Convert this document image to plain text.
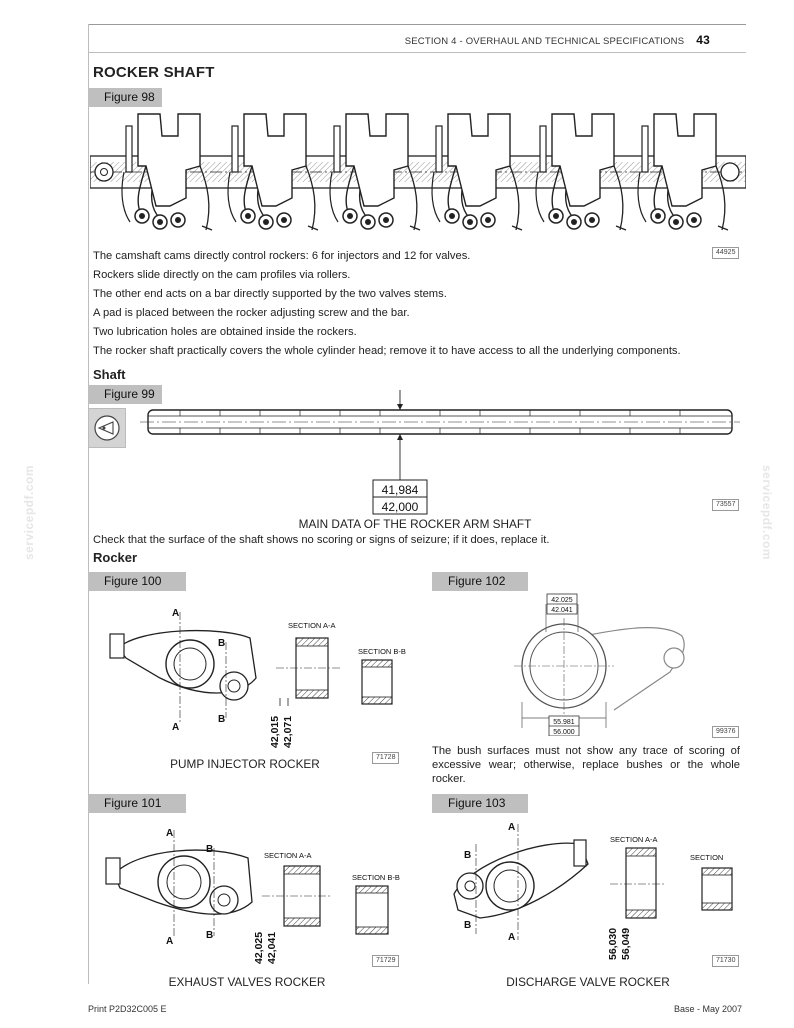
SECTION 4 - OVERHAUL AND TECHNICAL SPECIFICATIONS 43
ROCKER SHAFT
Figure 98
44925
The camshaft cams directly control rockers: 6 for injectors and 12 for valves.
Rockers slide directly on the cam profiles via rollers.
The other end acts on a bar directly supported by the two valves stems.
A pad is placed between the rocker adjusting screw and the bar.
Two lubrication holes are obtained inside the rockers.
The rocker shaft practically covers the whole cylinder head; remove it to have access to all the underlying components.
Shaft
Figure 99
41,984
42,000	73557
MAIN DATA OF THE ROCKER ARM SHAFT
Check that the surface of the shaft shows no scoring or signs of seizure; if it does, replace it.
Rocker
Figure 100
A
A
B
B
SECTION A-A
SECTION B-B
42,015 42,071
71728
PUMP INJECTOR ROCKER
Figure 102
42.025
42.041
55.981
56.000	99376
The bush surfaces must not show any trace of scoring of excessive wear; otherwise, replace bushes or the whole rocker.
Figure 101
A
A
B
B
SECTION A-A
SECTION B-B
42,025 42,041	71729
EXHAUST VALVES ROCKER
Figure 103
A
A
B
B
SECTION A-A
SECTION
56,030 56,049
71730
DISCHARGE VALVE ROCKER
servicepdf.com	servicepdf.com
Print P2D32C005 E	Base - May 2007
